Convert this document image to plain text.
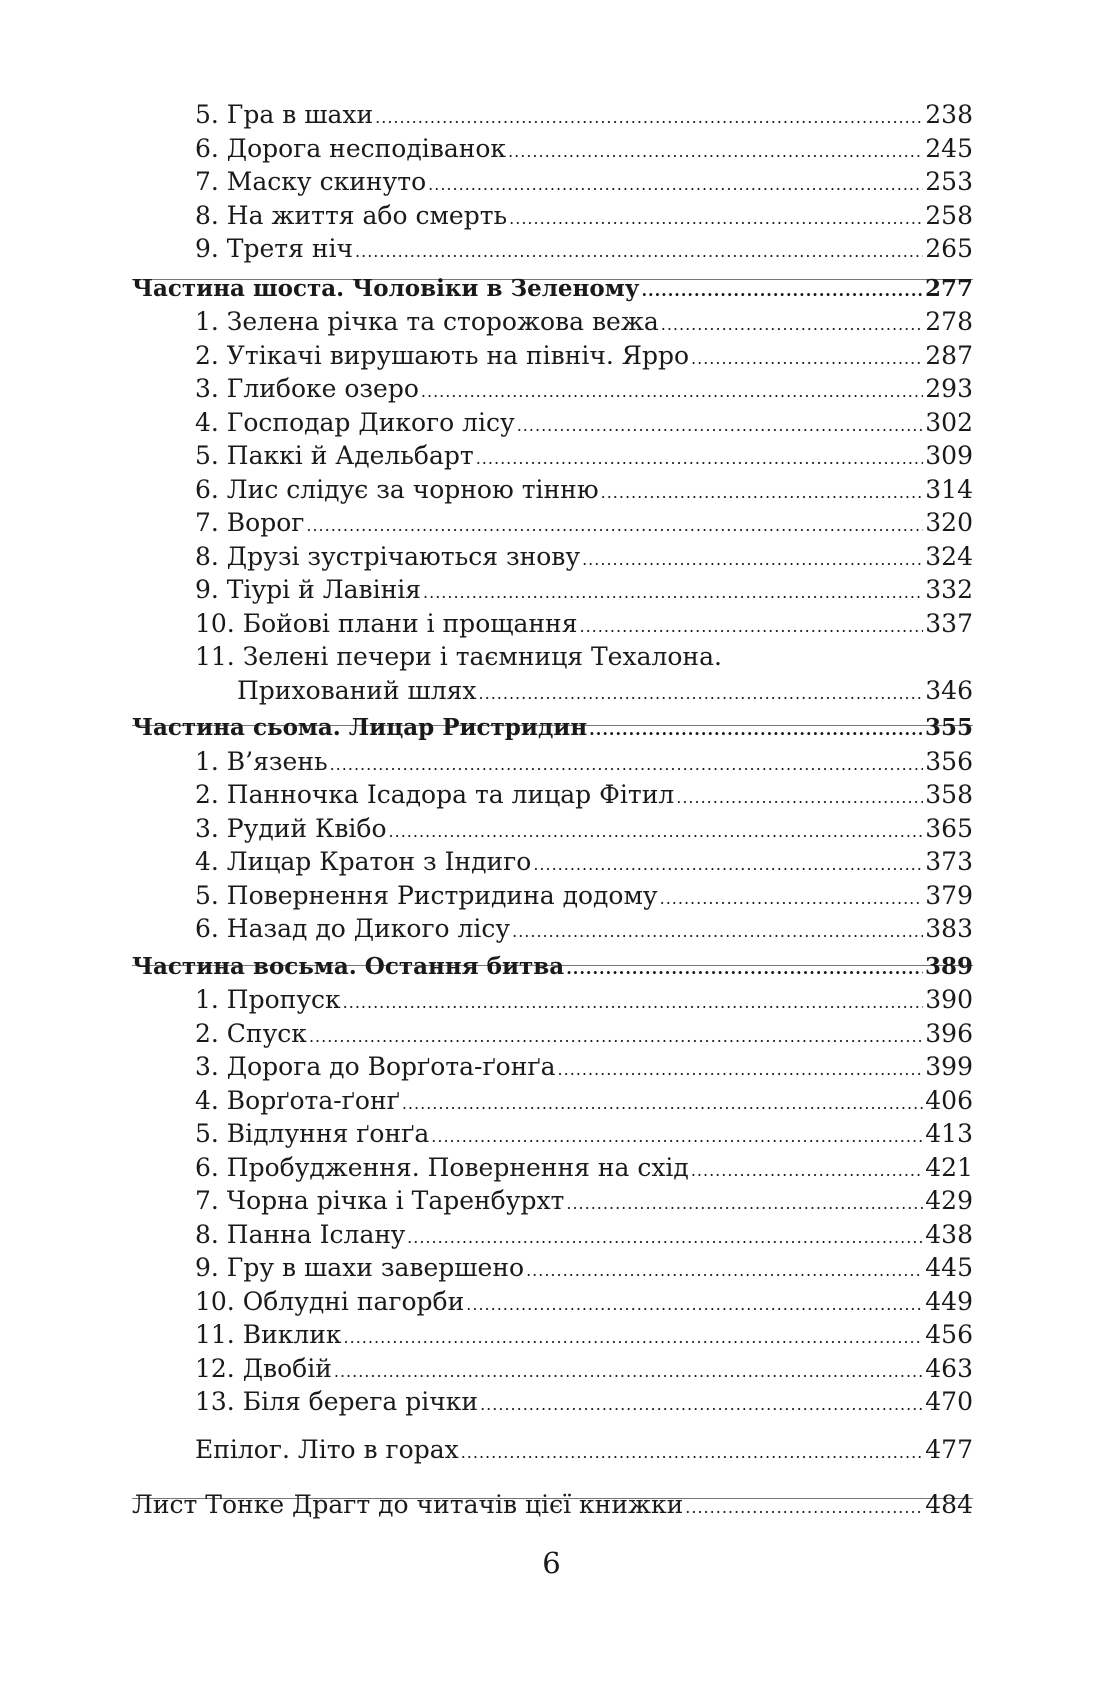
5. Гра в шахи .....	238
6. Дорога несподіванок .....	245
7. Маску скинуто .....	253
8. На життя або смерть .....	258
9. Третя ніч .....	265
Частина шоста. Чоловіки в Зеленому .....	277
1. Зелена річка та сторожова вежа .....	278
2. Утікачі вирушають на північ. Ярро .....	287
3. Глибоке озеро .....	293
4. Господар Дикого лісу .....	302
5. Паккі й Адельбарт .....	309
6. Лис слідує за чорною тінню .....	314
7. Ворог .....	320
8. Друзі зустрічаються знову .....	324
9. Тіурі й Лавінія .....	332
10. Бойові плани і прощання .....	337
11. Зелені печери і таємниця Техалона.
Прихований шлях .....	346
Частина сьома. Лицар Ристридин .....	355
1. В’язень .....	356
2. Панночка Ісадора та лицар Фітил .....	358
3. Рудий Квібо .....	365
4. Лицар Кратон з Індиго .....	373
5. Повернення Ристридина додому .....	379
6. Назад до Дикого лісу .....	383
Частина восьма. Остання битва .....	389
1. Пропуск .....	390
2. Спуск .....	396
3. Дорога до Ворґота-ґонґа .....	399
4. Ворґота-ґонґ .....	406
5. Відлуння ґонґа .....	413
6. Пробудження. Повернення на схід .....	421
7. Чорна річка і Таренбурхт .....	429
8. Панна Ісланy .....	438
9. Гру в шахи завершено .....	445
10. Облудні пагорби .....	449
11. Виклик .....	456
12. Двобій .....	463
13. Біля берега річки .....	470
Епілог. Літо в горах .....	477
Лист Тонке Драгт до читачів цієї книжки .....	484
6
